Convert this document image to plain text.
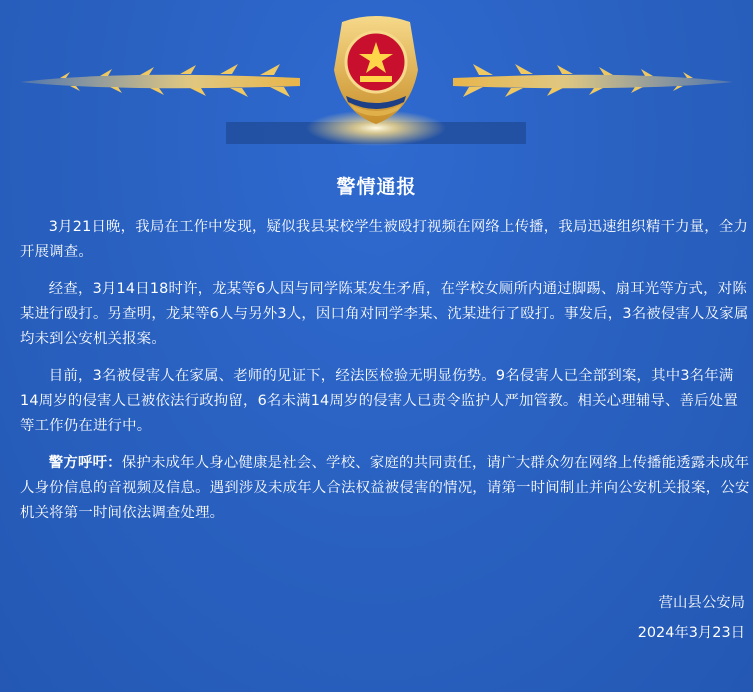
警情通报

3月21日晚，我局在工作中发现，疑似我县某校学生被殴打视频在网络上传播，我局迅速组织精干力量，全力开展调查。

经查，3月14日18时许，龙某等6人因与同学陈某发生矛盾，在学校女厕所内通过脚踢、扇耳光等方式，对陈某进行殴打。另查明，龙某等6人与另外3人，因口角对同学李某、沈某进行了殴打。事发后，3名被侵害人及家属均未到公安机关报案。

目前，3名被侵害人在家属、老师的见证下，经法医检验无明显伤势。9名侵害人已全部到案，其中3名年满14周岁的侵害人已被依法行政拘留，6名未满14周岁的侵害人已责令监护人严加管教。相关心理辅导、善后处置等工作仍在进行中。

警方呼吁：保护未成年人身心健康是社会、学校、家庭的共同责任，请广大群众勿在网络上传播能透露未成年人身份信息的音视频及信息。遇到涉及未成年人合法权益被侵害的情况，请第一时间制止并向公安机关报案，公安机关将第一时间依法调查处理。

营山县公安局
2024年3月23日
